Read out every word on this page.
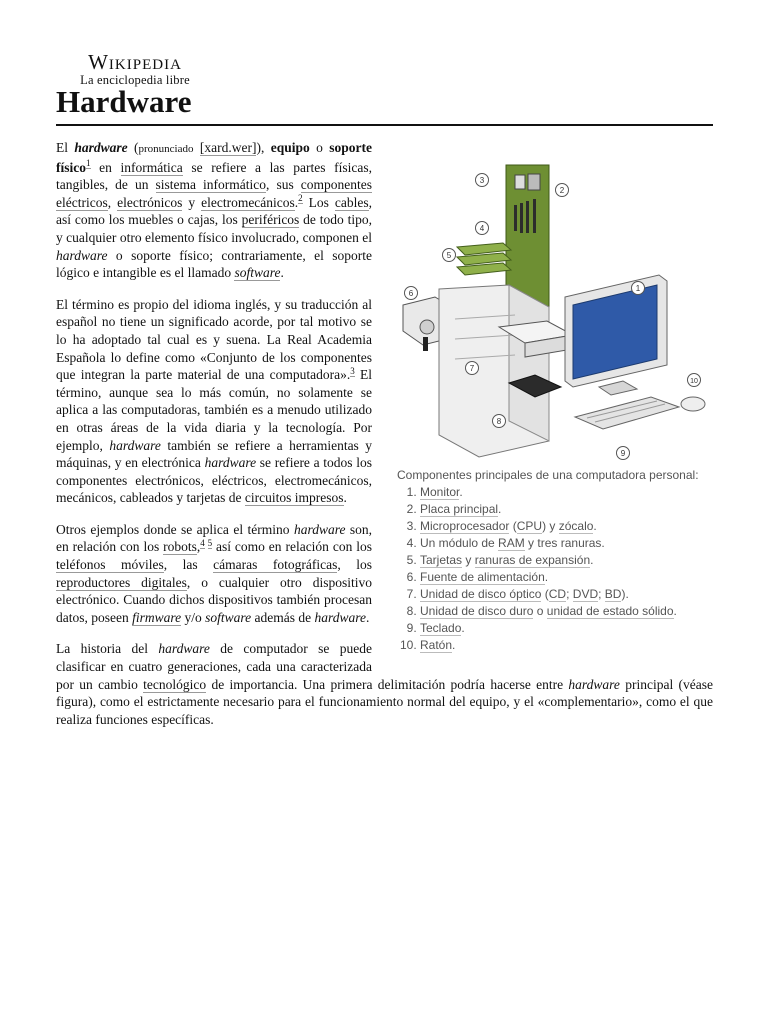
Wikipedia
La enciclopedia libre
Hardware
1
2
3
4
5
6
7
8
9
10
Componentes principales de una computadora personal:
1. Monitor.
2. Placa principal.
3. Microprocesador (CPU) y zócalo.
4. Un módulo de RAM y tres ranuras.
5. Tarjetas y ranuras de expansión.
6. Fuente de alimentación.
7. Unidad de disco óptico (CD; DVD; BD).
8. Unidad de disco duro o unidad de estado sólido.
9. Teclado.
10. Ratón.

El hardware (pronunciado [xard.wer]), equipo o soporte físico$^1$ en informática se refiere a las partes físicas, tangibles, de un sistema informático, sus componentes eléctricos, electrónicos y electromecánicos.$^2$ Los cables, así como los muebles o cajas, los periféricos de todo tipo, y cualquier otro elemento físico involucrado, componen el hardware o soporte físico; contrariamente, el soporte lógico e intangible es el llamado software.

El término es propio del idioma inglés, y su traducción al español no tiene un significado acorde, por tal motivo se lo ha adoptado tal cual es y suena. La Real Academia Española lo define como «Conjunto de los componentes que integran la parte material de una computadora».$^3$ El término, aunque sea lo más común, no solamente se aplica a las computadoras, también es a menudo utilizado en otras áreas de la vida diaria y la tecnología. Por ejemplo, hardware también se refiere a herramientas y máquinas, y en electrónica hardware se refiere a todos los componentes electrónicos, eléctricos, electromecánicos, mecánicos, cableados y tarjetas de circuitos impresos.

Otros ejemplos donde se aplica el término hardware son, en relación con los robots,$^{4 5}$ así como en relación con los teléfonos móviles, las cámaras fotográficas, los reproductores digitales, o cualquier otro dispositivo electrónico. Cuando dichos dispositivos también procesan datos, poseen firmware y/o software además de hardware.

La historia del hardware de computador se puede clasificar en cuatro generaciones, cada una caracterizada por un cambio tecnológico de importancia. Una primera delimitación podría hacerse entre hardware principal (véase figura), como el estrictamente necesario para el funcionamiento normal del equipo, y el «complementario», como el que realiza funciones específicas.
